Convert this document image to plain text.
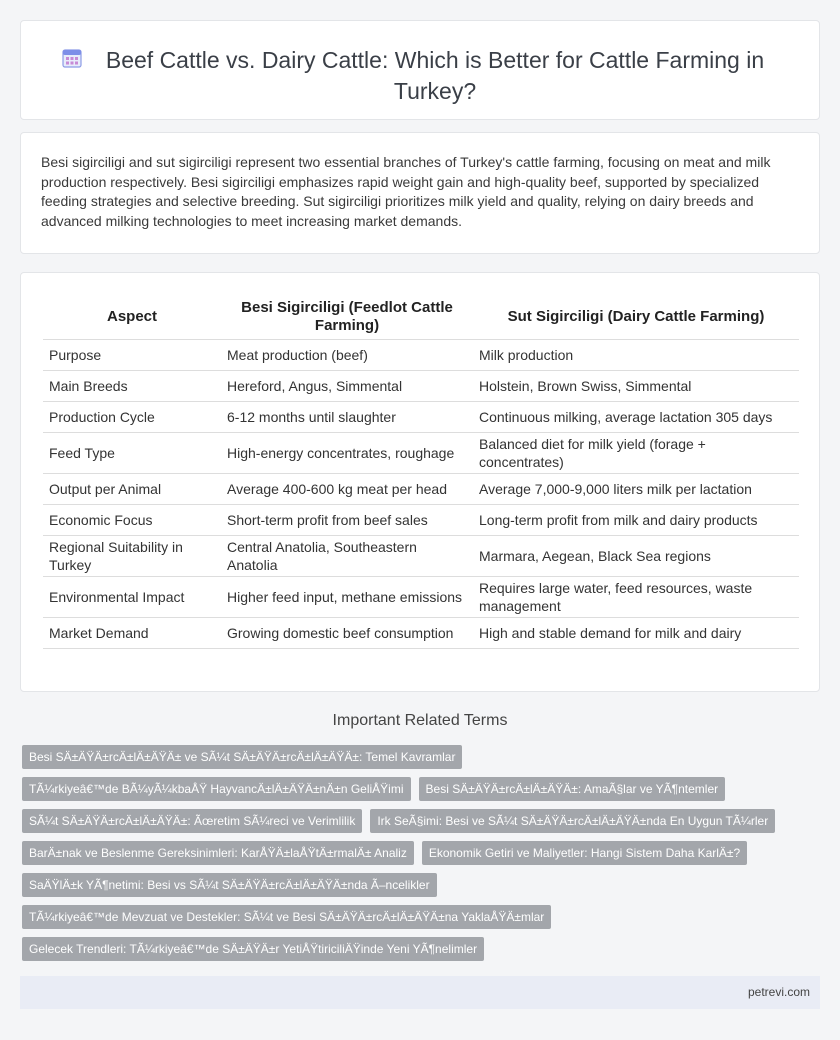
Beef Cattle vs. Dairy Cattle: Which is Better for Cattle Farming in Turkey?

Besi sigirciligi and sut sigirciligi represent two essential branches of Turkey's cattle farming, focusing on meat and milk production respectively. Besi sigirciligi emphasizes rapid weight gain and high-quality beef, supported by specialized feeding strategies and selective breeding. Sut sigirciligi prioritizes milk yield and quality, relying on dairy breeds and advanced milking technologies to meet increasing market demands.

Aspect	Besi Sigirciligi (Feedlot Cattle Farming)	Sut Sigirciligi (Dairy Cattle Farming)
Purpose	Meat production (beef)	Milk production
Main Breeds	Hereford, Angus, Simmental	Holstein, Brown Swiss, Simmental
Production Cycle	6-12 months until slaughter	Continuous milking, average lactation 305 days
Feed Type	High-energy concentrates, roughage	Balanced diet for milk yield (forage + concentrates)
Output per Animal	Average 400-600 kg meat per head	Average 7,000-9,000 liters milk per lactation
Economic Focus	Short-term profit from beef sales	Long-term profit from milk and dairy products
Regional Suitability in Turkey	Central Anatolia, Southeastern Anatolia	Marmara, Aegean, Black Sea regions
Environmental Impact	Higher feed input, methane emissions	Requires large water, feed resources, waste management
Market Demand	Growing domestic beef consumption	High and stable demand for milk and dairy
Important Related Terms
Besi SÄ±ÄŸÄ±rcÄ±lÄ±ÄŸÄ± ve SÃ¼t SÄ±ÄŸÄ±rcÄ±lÄ±ÄŸÄ±: Temel Kavramlar
TÃ¼rkiyeâ€™de BÃ¼yÃ¼kbaÅŸ HayvancÄ±lÄ±ÄŸÄ±nÄ±n GeliÅŸimi	Besi SÄ±ÄŸÄ±rcÄ±lÄ±ÄŸÄ±: AmaÃ§lar ve YÃ¶ntemler
SÃ¼t SÄ±ÄŸÄ±rcÄ±lÄ±ÄŸÄ±: Ãœretim SÃ¼reci ve Verimlilik	Irk SeÃ§imi: Besi ve SÃ¼t SÄ±ÄŸÄ±rcÄ±lÄ±ÄŸÄ±nda En Uygun TÃ¼rler
BarÄ±nak ve Beslenme Gereksinimleri: KarÅŸÄ±laÅŸtÄ±rmalÄ± Analiz	Ekonomik Getiri ve Maliyetler: Hangi Sistem Daha KarlÄ±?
SaÄŸlÄ±k YÃ¶netimi: Besi vs SÃ¼t SÄ±ÄŸÄ±rcÄ±lÄ±ÄŸÄ±nda Ã–ncelikler
TÃ¼rkiyeâ€™de Mevzuat ve Destekler: SÃ¼t ve Besi SÄ±ÄŸÄ±rcÄ±lÄ±ÄŸÄ±na YaklaÅŸÄ±mlar
Gelecek Trendleri: TÃ¼rkiyeâ€™de SÄ±ÄŸÄ±r YetiÅŸtiriciliÄŸinde Yeni YÃ¶nelimler
petrevi.com
